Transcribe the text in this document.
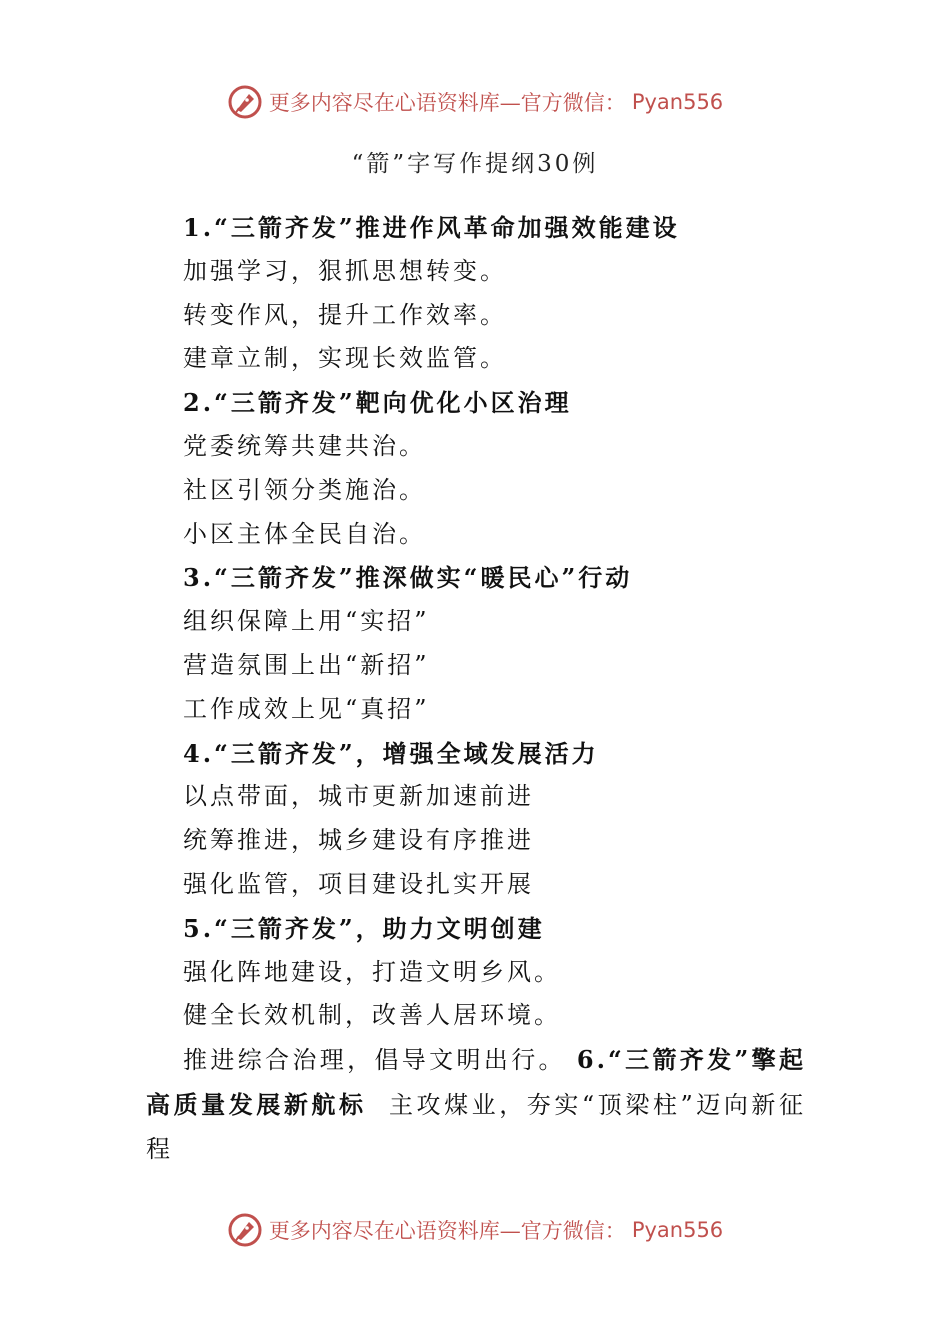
更多内容尽在心语资料库—官方微信： Pyan556
“箭”字写作提纲30例
1.“三箭齐发”推进作风革命加强效能建设

加强学习，狠抓思想转变。

转变作风，提升工作效率。

建章立制，实现长效监管。

2.“三箭齐发”靶向优化小区治理

党委统筹共建共治。

社区引领分类施治。

小区主体全民自治。

3.“三箭齐发”推深做实“暖民心”行动

组织保障上用“实招”

营造氛围上出“新招”

工作成效上见“真招”

4.“三箭齐发”，增强全域发展活力

以点带面，城市更新加速前进

统筹推进，城乡建设有序推进

强化监管，项目建设扎实开展

5.“三箭齐发”，助力文明创建

强化阵地建设，打造文明乡风。

健全长效机制，改善人居环境。

推进综合治理，倡导文明出行。 6.“三箭齐发”擎起高质量发展新航标 主攻煤业，夯实“顶梁柱”迈向新征程

更多内容尽在心语资料库—官方微信： Pyan556
